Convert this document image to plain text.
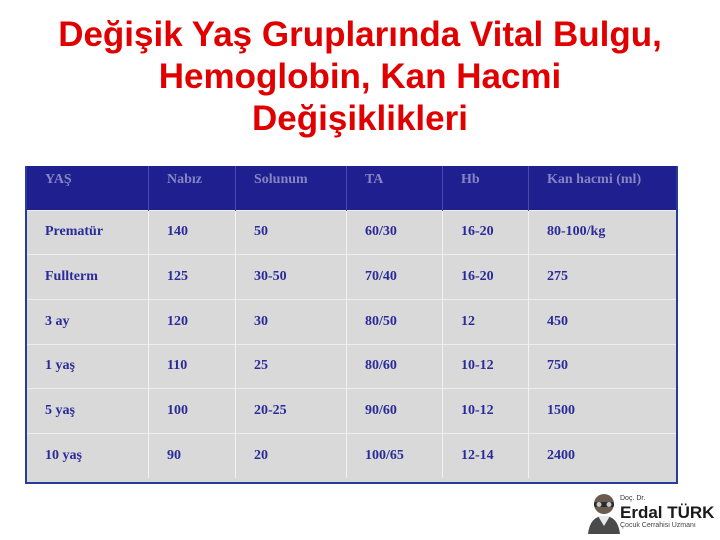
Değişik Yaş Gruplarında Vital Bulgu,
Hemoglobin, Kan Hacmi
Değişiklikleri
YAŞ	Nabız	Solunum	TA	Hb	Kan hacmi (ml)
Prematür	140	50	60/30	16-20	80-100/kg
Fullterm	125	30-50	70/40	16-20	275
3 ay	120	30	80/50	12	450
1 yaş	110	25	80/60	10-12	750
5 yaş	100	20-25	90/60	10-12	1500
10 yaş	90	20	100/65	12-14	2400
Doç. Dr.
Erdal TÜRK
Çocuk Cerrahisi Uzmanı
